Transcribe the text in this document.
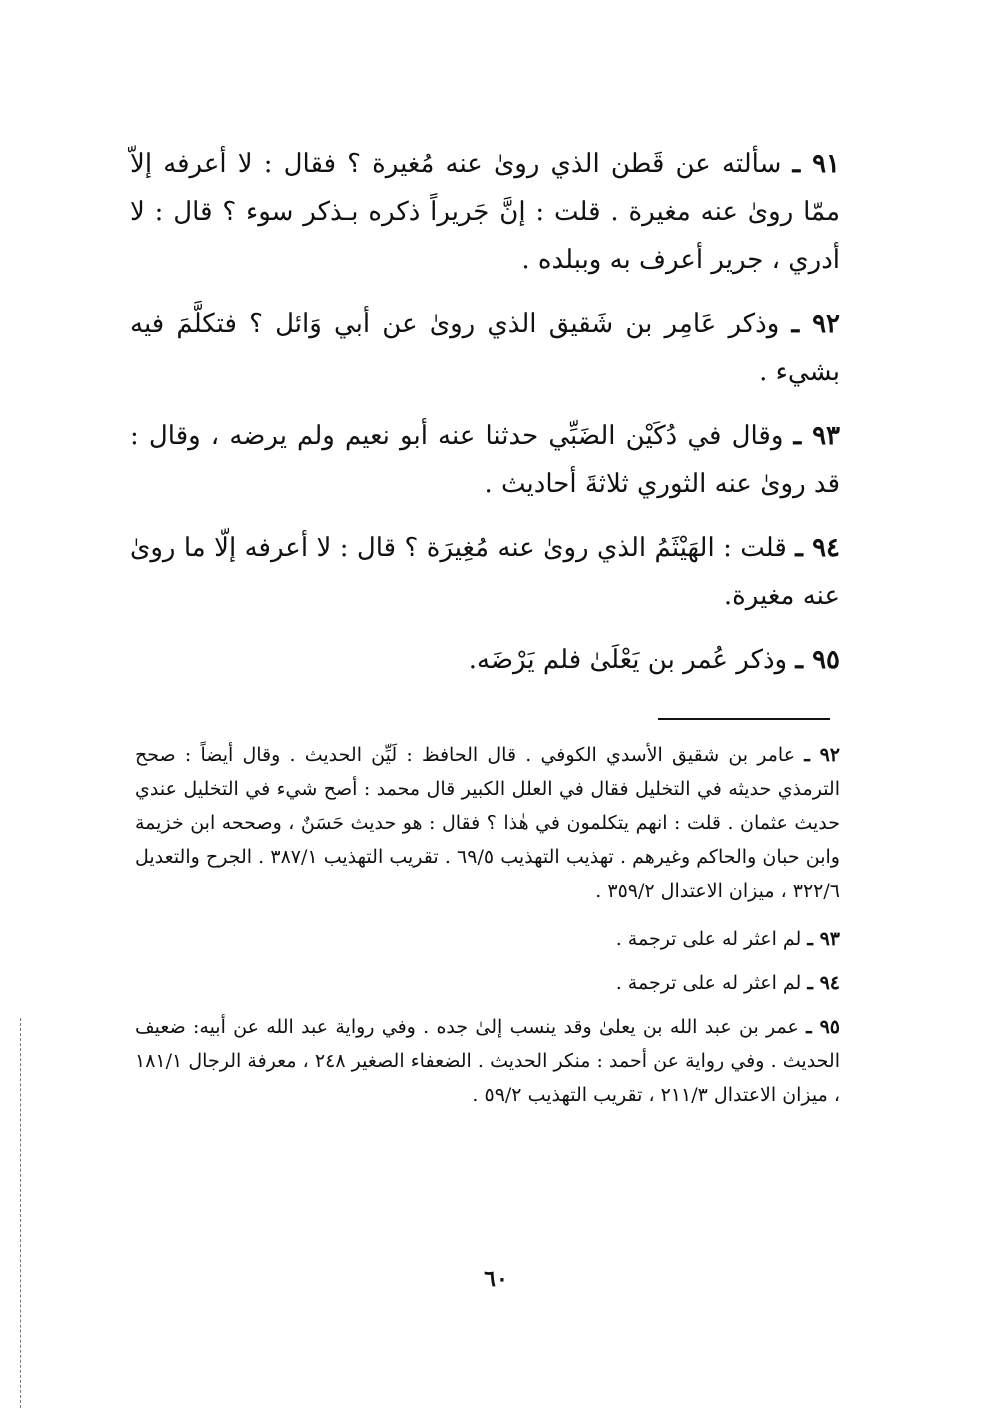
٩١ ـ سألته عن قَطن الذي روىٰ عنه مُغيرة ؟ فقال : لا أعرفه إلاّ ممّا روىٰ عنه مغيرة . قلت : إنَّ جَريراً ذكره بـذكر سوء ؟ قال : لا أدري ، جرير أعرف به وببلده .

٩٢ ـ وذكر عَامِر بن شَقيق الذي روىٰ عن أبي وَائل ؟ فتكلَّمَ فيه بشيء .

٩٣ ـ وقال في دُكَيْن الضَبِّي حدثنا عنه أبو نعيم ولم يرضه ، وقال : قد روىٰ عنه الثوري ثلاثةَ أحاديث .

٩٤ ـ قلت : الهَيْثَمُ الذي روىٰ عنه مُغِيرَة ؟ قال : لا أعرفه إلّا ما روىٰ عنه مغيرة.

٩٥ ـ وذكر عُمر بن يَعْلَىٰ فلم يَرْضَه.

٩٢ ـ عامر بن شقيق الأسدي الكوفي . قال الحافظ : لَيِّن الحديث . وقال أيضاً : صحح الترمذي حديثه في التخليل فقال في العلل الكبير قال محمد : أصح شيء في التخليل عندي حديث عثمان . قلت : انهم يتكلمون في هٰذا ؟ فقال : هو حديث حَسَنٌ ، وصححه ابن خزيمة وابن حبان والحاكم وغيرهم . تهذيب التهذيب ٦٩/٥ . تقريب التهذيب ٣٨٧/١ . الجرح والتعديل ٣٢٢/٦ ، ميزان الاعتدال ٣٥٩/٢ .

٩٣ ـ لم اعثر له على ترجمة .

٩٤ ـ لم اعثر له على ترجمة .

٩٥ ـ عمر بن عبد الله بن يعلىٰ وقد ينسب إلىٰ جده . وفي رواية عبد الله عن أبيه: ضعيف الحديث . وفي رواية عن أحمد : منكر الحديث . الضعفاء الصغير ٢٤٨ ، معرفة الرجال ١٨١/١ ، ميزان الاعتدال ٢١١/٣ ، تقريب التهذيب ٥٩/٢ .

٦٠
